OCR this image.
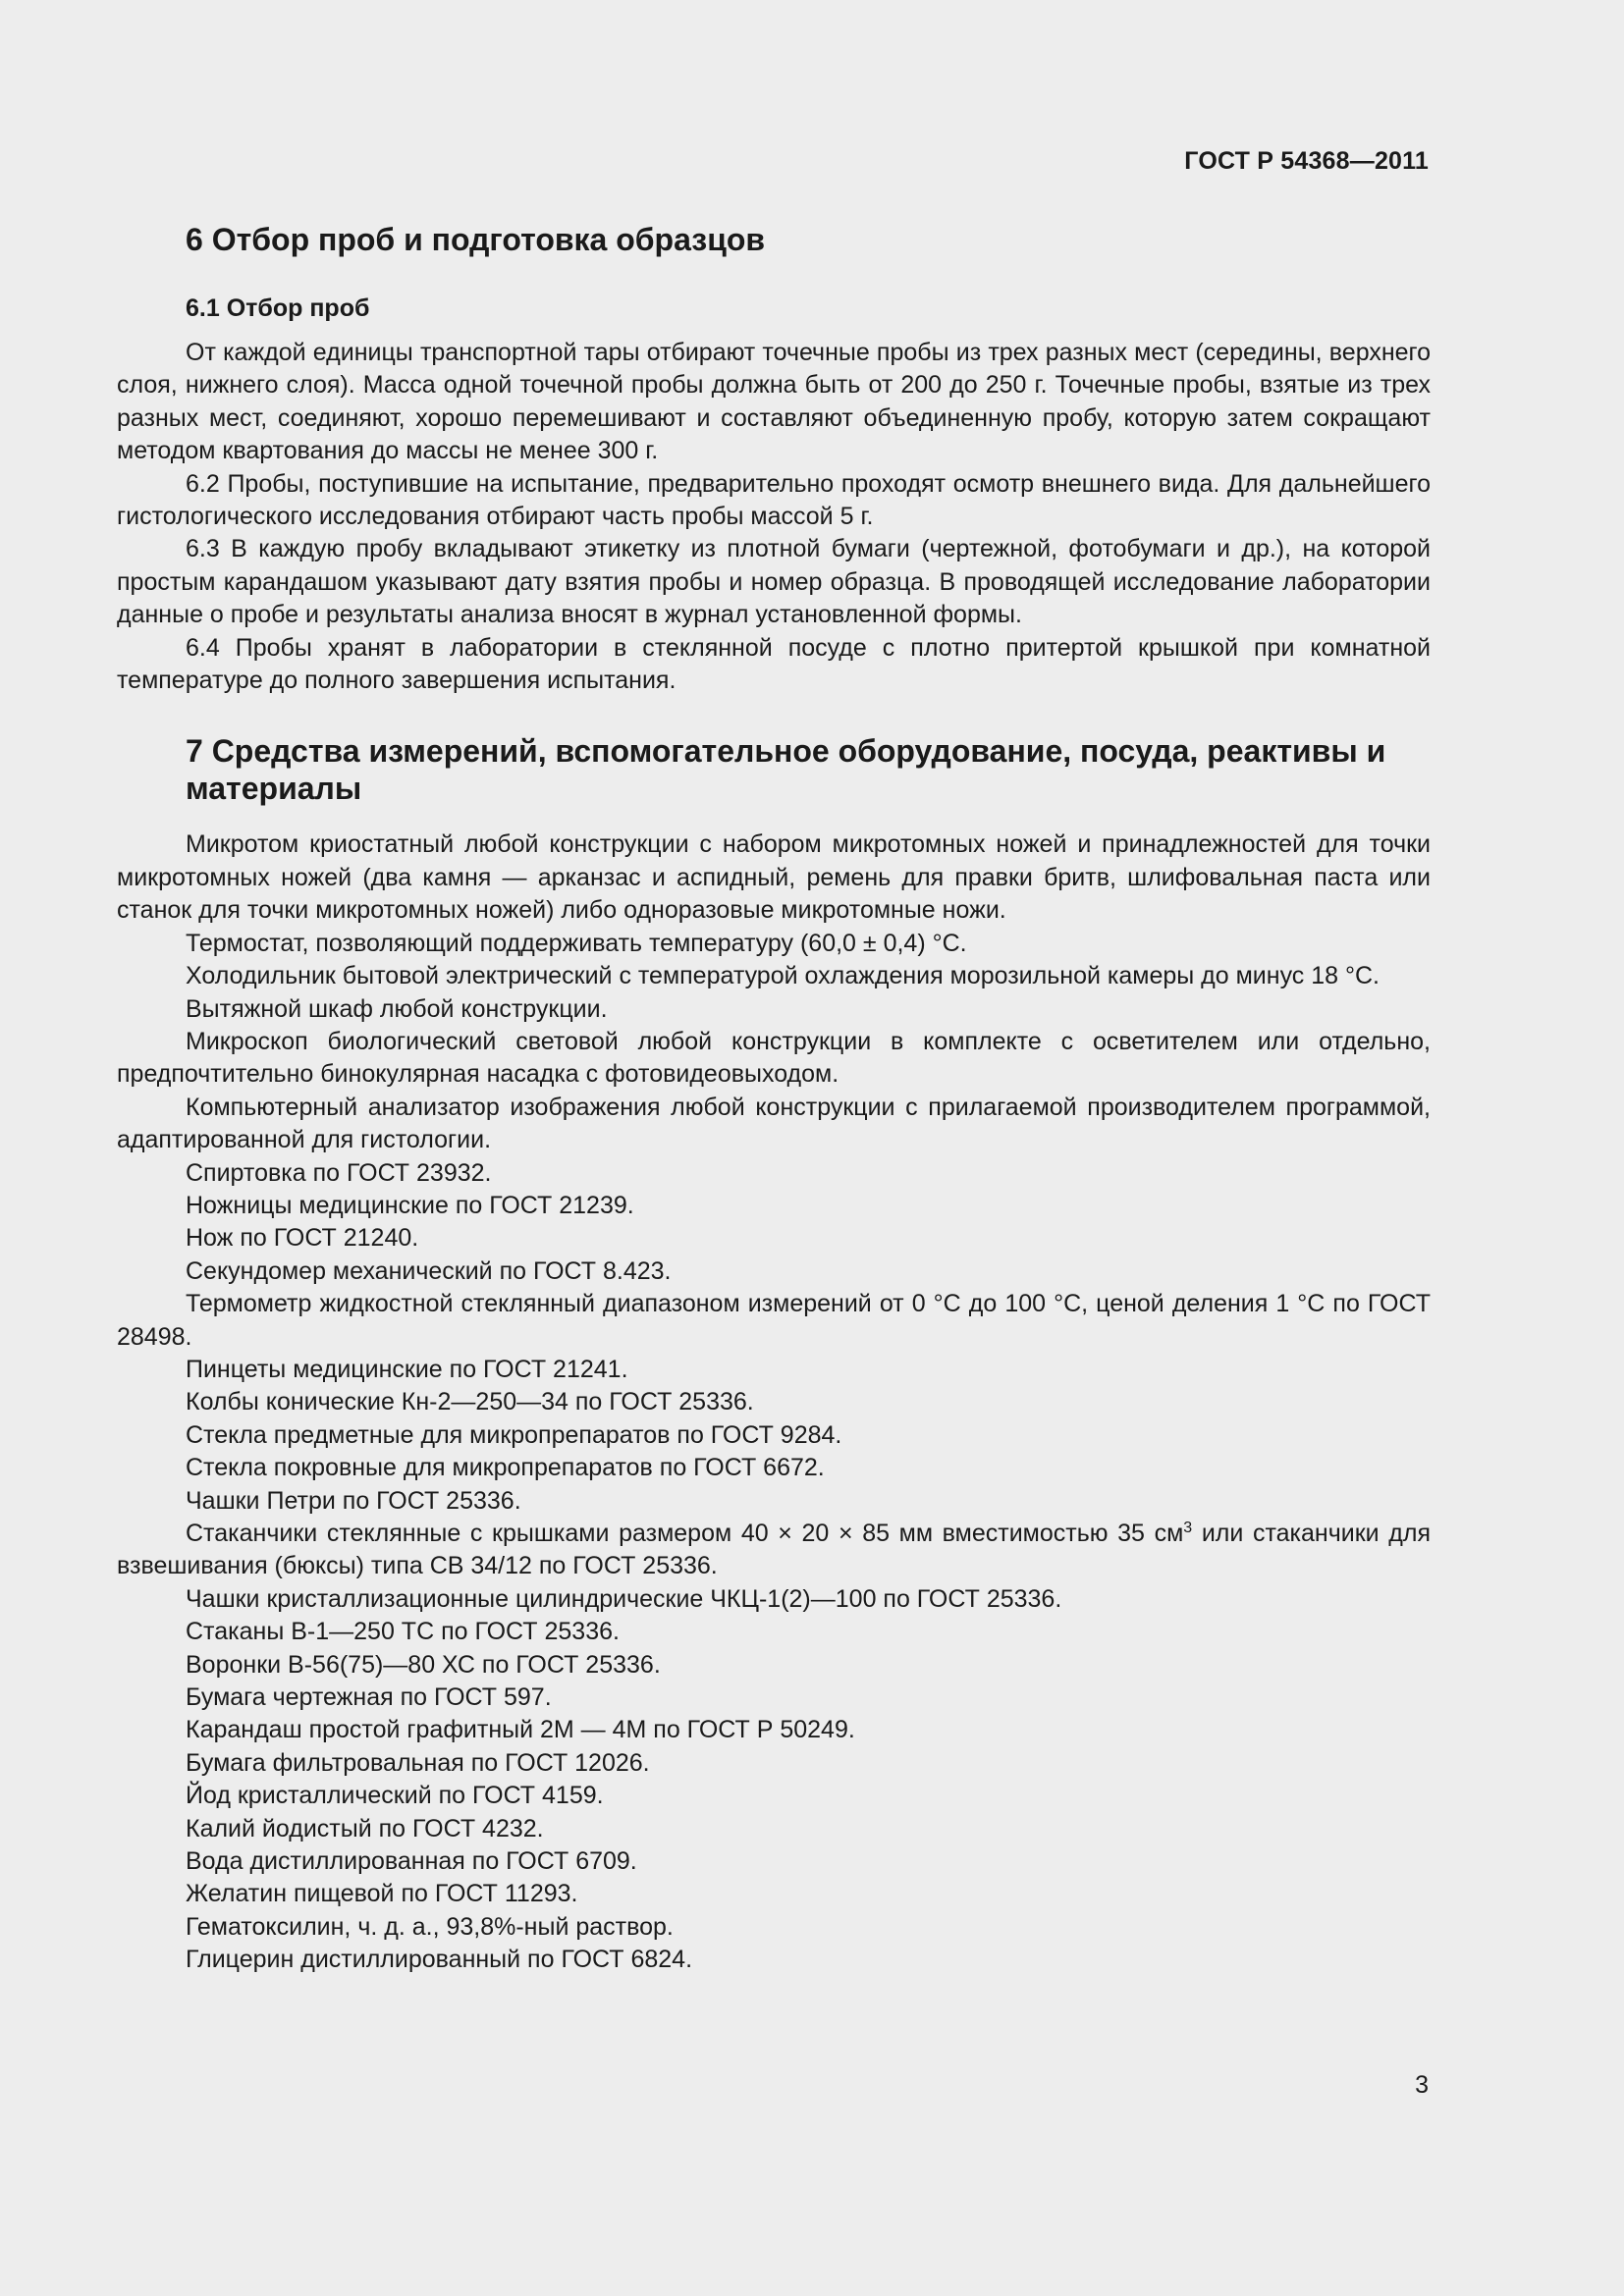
ГОСТ Р 54368—2011
6 Отбор проб и подготовка образцов
6.1 Отбор проб

От каждой единицы транспортной тары отбирают точечные пробы из трех разных мест (середины, верхнего слоя, нижнего слоя). Масса одной точечной пробы должна быть от 200 до 250 г. Точечные пробы, взятые из трех разных мест, соединяют, хорошо перемешивают и составляют объединенную пробу, которую затем сокращают методом квартования до массы не менее 300 г.

6.2 Пробы, поступившие на испытание, предварительно проходят осмотр внешнего вида. Для дальнейшего гистологического исследования отбирают часть пробы массой 5 г.

6.3 В каждую пробу вкладывают этикетку из плотной бумаги (чертежной, фотобумаги и др.), на которой простым карандашом указывают дату взятия пробы и номер образца. В проводящей исследование лаборатории данные о пробе и результаты анализа вносят в журнал установленной формы.

6.4 Пробы хранят в лаборатории в стеклянной посуде с плотно притертой крышкой при комнатной температуре до полного завершения испытания.

7 Средства измерений, вспомогательное оборудование, посуда, реактивы и материалы

Микротом криостатный любой конструкции с набором микротомных ножей и принадлежностей для точки микротомных ножей (два камня — арканзас и аспидный, ремень для правки бритв, шлифовальная паста или станок для точки микротомных ножей) либо одноразовые микротомные ножи.

Термостат, позволяющий поддерживать температуру (60,0 ± 0,4) °С.

Холодильник бытовой электрический с температурой охлаждения морозильной камеры до минус 18 °С.

Вытяжной шкаф любой конструкции.

Микроскоп биологический световой любой конструкции в комплекте с осветителем или отдельно, предпочтительно бинокулярная насадка с фотовидеовыходом.

Компьютерный анализатор изображения любой конструкции с прилагаемой производителем программой, адаптированной для гистологии.

Спиртовка по ГОСТ 23932.

Ножницы медицинские по ГОСТ 21239.

Нож по ГОСТ 21240.

Секундомер механический по ГОСТ 8.423.

Термометр жидкостной стеклянный диапазоном измерений от 0 °С до 100 °С, ценой деления 1 °С по ГОСТ 28498.

Пинцеты медицинские по ГОСТ 21241.

Колбы конические Кн-2—250—34 по ГОСТ 25336.

Стекла предметные для микропрепаратов по ГОСТ 9284.

Стекла покровные для микропрепаратов по ГОСТ 6672.

Чашки Петри по ГОСТ 25336.

Стаканчики стеклянные с крышками размером 40 × 20 × 85 мм вместимостью 35 $см^3$ или стаканчики для взвешивания (бюксы) типа СВ 34/12 по ГОСТ 25336.

Чашки кристаллизационные цилиндрические ЧКЦ-1(2)—100 по ГОСТ 25336.

Стаканы В-1—250 ТС по ГОСТ 25336.

Воронки В-56(75)—80 ХС по ГОСТ 25336.

Бумага чертежная по ГОСТ 597.

Карандаш простой графитный 2М — 4М по ГОСТ Р 50249.

Бумага фильтровальная по ГОСТ 12026.

Йод кристаллический по ГОСТ 4159.

Калий йодистый по ГОСТ 4232.

Вода дистиллированная по ГОСТ 6709.

Желатин пищевой по ГОСТ 11293.

Гематоксилин, ч. д. а., 93,8%-ный раствор.

Глицерин дистиллированный по ГОСТ 6824.

3
